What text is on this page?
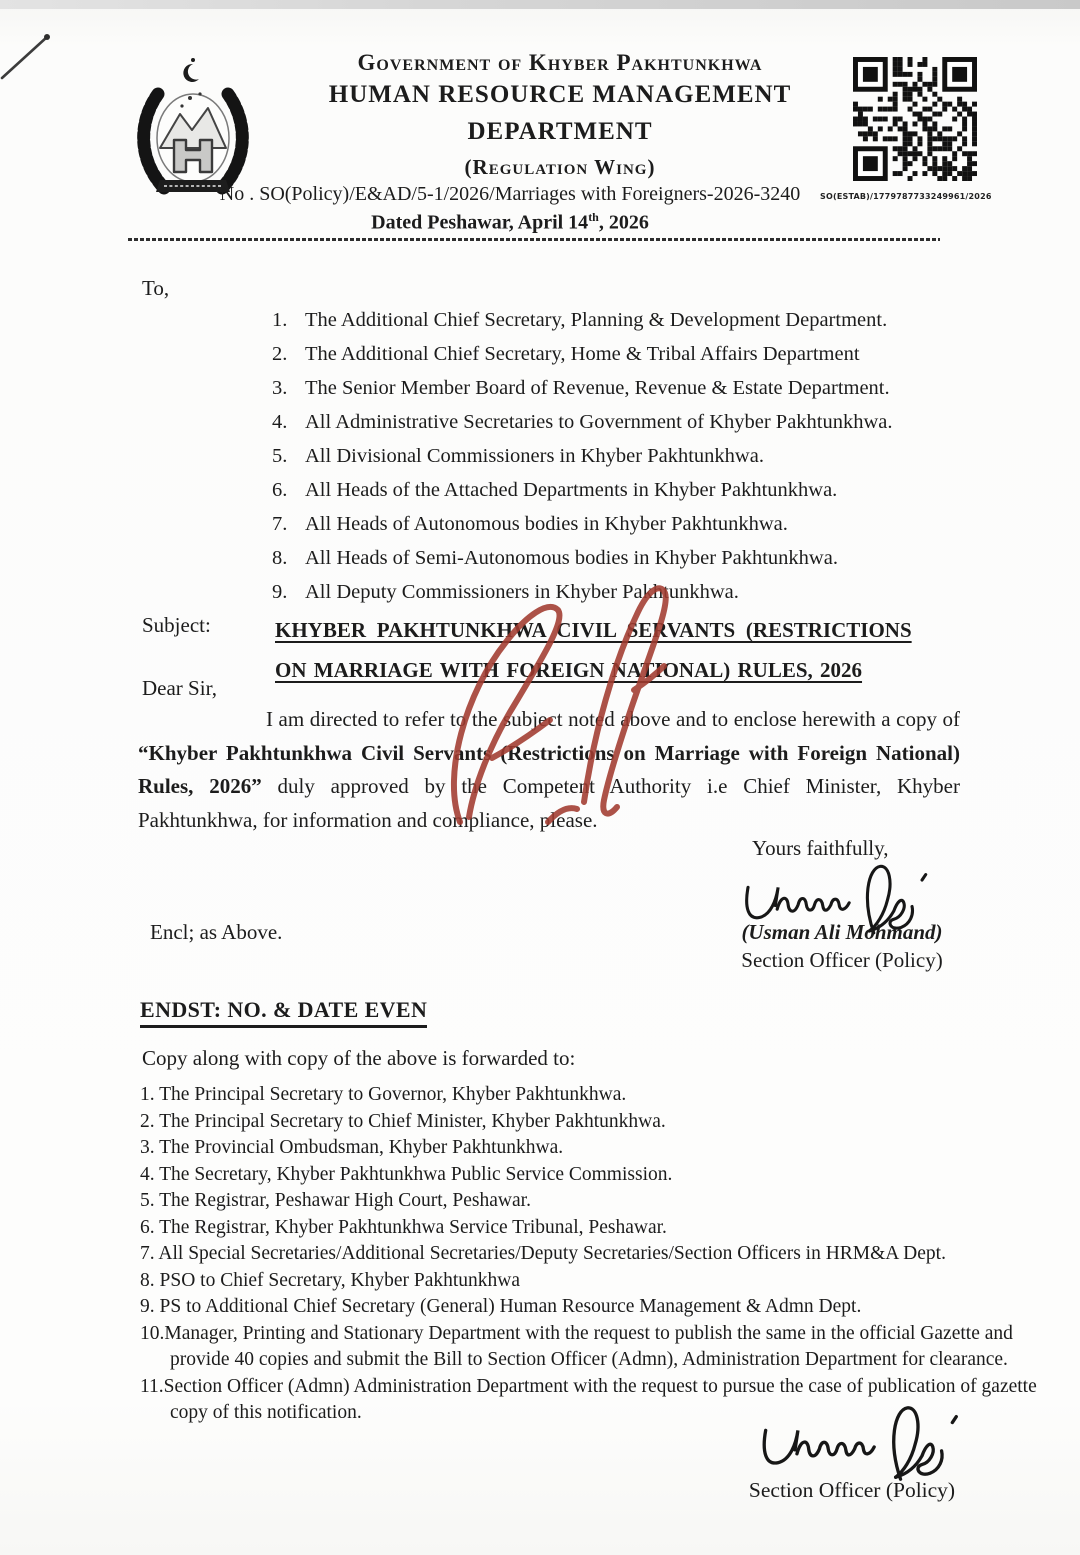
Government of Khyber Pakhtunkhwa
HUMAN RESOURCE MANAGEMENT
DEPARTMENT
(Regulation Wing)
SO(ESTAB)/1779787733249961/2026
No . SO(Policy)/E&AD/5-1/2026/Marriages with Foreigners-2026-3240
Dated Peshawar, April 14th, 2026
To,
1. The Additional Chief Secretary, Planning & Development Department.
2. The Additional Chief Secretary, Home & Tribal Affairs Department
3. The Senior Member Board of Revenue, Revenue & Estate Department.
4. All Administrative Secretaries to Government of Khyber Pakhtunkhwa.
5. All Divisional Commissioners in Khyber Pakhtunkhwa.
6. All Heads of the Attached Departments in Khyber Pakhtunkhwa.
7. All Heads of Autonomous bodies in Khyber Pakhtunkhwa.
8. All Heads of Semi-Autonomous bodies in Khyber Pakhtunkhwa.
9. All Deputy Commissioners in Khyber Pakhtunkhwa.
Subject:	KHYBER PAKHTUNKHWA CIVIL SERVANTS (RESTRICTIONS
ON MARRIAGE WITH FOREIGN NATIONAL) RULES, 2026
Dear Sir,
I am directed to refer to the subject noted above and to enclose herewith a copy of “Khyber Pakhtunkhwa Civil Servants (Restrictions on Marriage with Foreign National) Rules, 2026” duly approved by the Competent Authority i.e Chief Minister, Khyber Pakhtunkhwa, for information and compliance, please.
Yours faithfully,
(Usman Ali Mohmand)
Section Officer (Policy)
Encl; as Above.
ENDST: NO. & DATE EVEN
Copy along with copy of the above is forwarded to:
1. The Principal Secretary to Governor, Khyber Pakhtunkhwa.
2. The Principal Secretary to Chief Minister, Khyber Pakhtunkhwa.
3. The Provincial Ombudsman, Khyber Pakhtunkhwa.
4. The Secretary, Khyber Pakhtunkhwa Public Service Commission.
5. The Registrar, Peshawar High Court, Peshawar.
6. The Registrar, Khyber Pakhtunkhwa Service Tribunal, Peshawar.
7. All Special Secretaries/Additional Secretaries/Deputy Secretaries/Section Officers in HRM&A Dept.
8. PSO to Chief Secretary, Khyber Pakhtunkhwa
9. PS to Additional Chief Secretary (General) Human Resource Management & Admn Dept.
10.Manager, Printing and Stationary Department with the request to publish the same in the official Gazette and provide 40 copies and submit the Bill to Section Officer (Admn), Administration Department for clearance.
11.Section Officer (Admn) Administration Department with the request to pursue the case of publication of gazette copy of this notification.
Section Officer (Policy)
